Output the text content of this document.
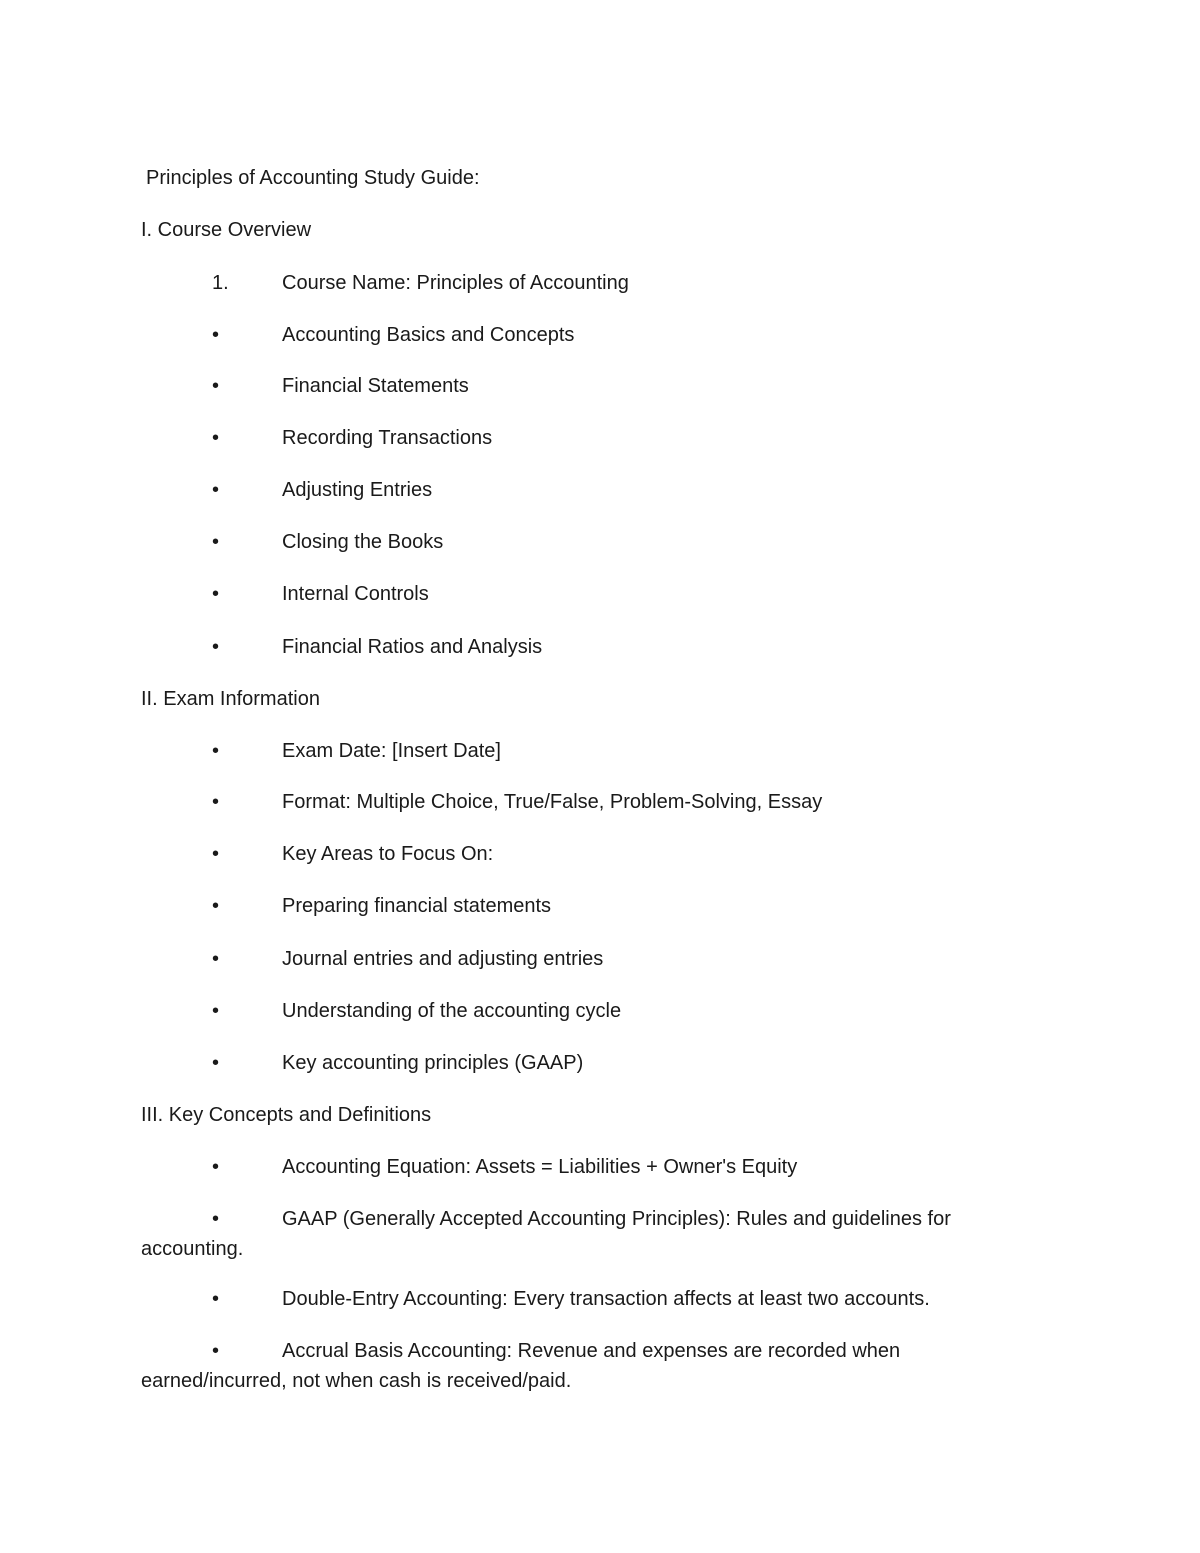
Principles of Accounting Study Guide:
I. Course Overview
1.	Course Name: Principles of Accounting
•	Accounting Basics and Concepts
•	Financial Statements
•	Recording Transactions
•	Adjusting Entries
•	Closing the Books
•	Internal Controls
•	Financial Ratios and Analysis
II. Exam Information
•	Exam Date: [Insert Date]
•	Format: Multiple Choice, True/False, Problem-Solving, Essay
•	Key Areas to Focus On:
•	Preparing financial statements
•	Journal entries and adjusting entries
•	Understanding of the accounting cycle
•	Key accounting principles (GAAP)
III. Key Concepts and Definitions
•	Accounting Equation: Assets = Liabilities + Owner's Equity
•	GAAP (Generally Accepted Accounting Principles): Rules and guidelines for accounting.
•	Double-Entry Accounting: Every transaction affects at least two accounts.
•	Accrual Basis Accounting: Revenue and expenses are recorded when earned/incurred, not when cash is received/paid.
